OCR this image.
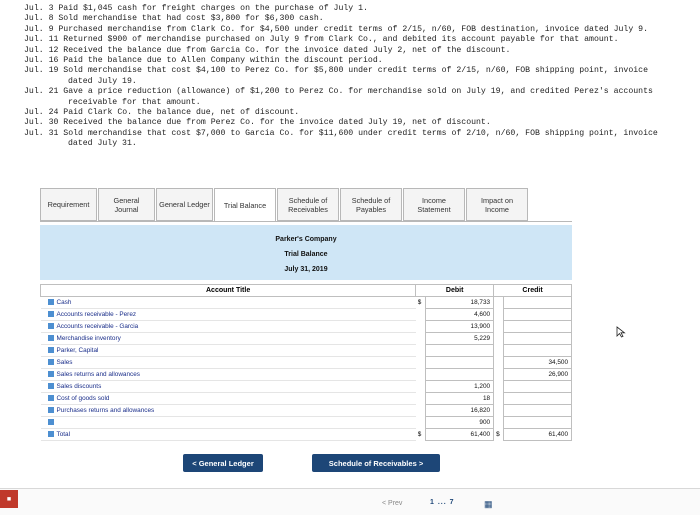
Jul. 3 Paid $1,045 cash for freight charges on the purchase of July 1.
Jul. 8 Sold merchandise that had cost $3,800 for $6,300 cash.
Jul. 9 Purchased merchandise from Clark Co. for $4,500 under credit terms of 2/15, n/60, FOB destination, invoice dated July 9.
Jul. 11 Returned $900 of merchandise purchased on July 9 from Clark Co., and debited its account payable for that amount.
Jul. 12 Received the balance due from Garcia Co. for the invoice dated July 2, net of the discount.
Jul. 16 Paid the balance due to Allen Company within the discount period.
Jul. 19 Sold merchandise that cost $4,100 to Perez Co. for $5,800 under credit terms of 2/15, n/60, FOB shipping point, invoice
dated July 19.
Jul. 21 Gave a price reduction (allowance) of $1,200 to Perez Co. for merchandise sold on July 19, and credited Perez's accounts
receivable for that amount.
Jul. 24 Paid Clark Co. the balance due, net of discount.
Jul. 30 Received the balance due from Perez Co. for the invoice dated July 19, net of discount.
Jul. 31 Sold merchandise that cost $7,000 to Garcia Co. for $11,600 under credit terms of 2/10, n/60, FOB shipping point, invoice
dated July 31.
Requirement	General Journal	General Ledger	Trial Balance
Schedule of Receivables
Schedule of Payables
Income Statement
Impact on Income
Parker's Company
Trial Balance
July 31, 2019
Account Title	Debit		Credit	

Cash	$	18,733		

Accounts receivable - Perez		4,600		

Accounts receivable - Garcia		13,900		

Merchandise inventory		5,229		

Parker, Capital				

Sales				34,500

Sales returns and allowances				26,900

Sales discounts		1,200		

Cost of goods sold		18		

Purchases returns and allowances		16,820		

		900		

Total	$	61,400	$	61,400
< General Ledger	Schedule of Receivables >
■
< Prev	1 ... 7	▦
